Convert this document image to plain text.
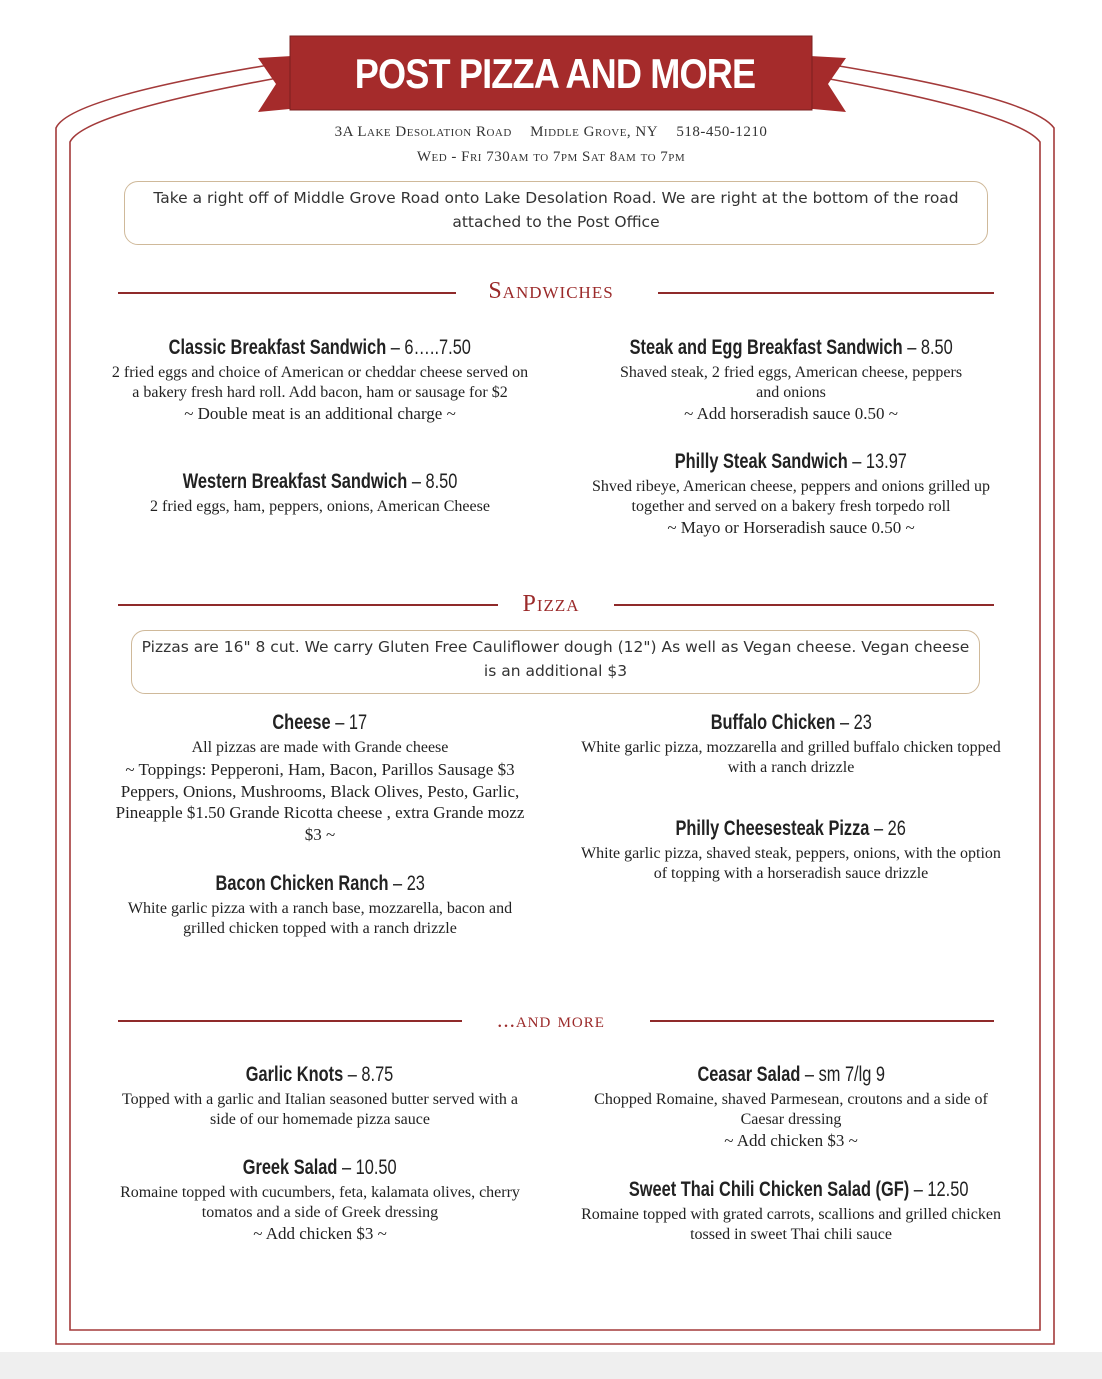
POST PIZZA AND MORE
3A Lake Desolation Road Middle Grove, NY 518-450-1210
Wed - Fri 730am to 7pm Sat 8am to 7pm
Take a right off of Middle Grove Road onto Lake Desolation Road. We are right at the bottom of the road attached to the Post Office
Sandwiches
Classic Breakfast Sandwich – 6…..7.50
2 fried eggs and choice of American or cheddar cheese served on a bakery fresh hard roll. Add bacon, ham or sausage for $2
~ Double meat is an additional charge ~
Steak and Egg Breakfast Sandwich – 8.50
Shaved steak, 2 fried eggs, American cheese, peppers and onions
~ Add horseradish sauce 0.50 ~
Western Breakfast Sandwich – 8.50
2 fried eggs, ham, peppers, onions, American Cheese
Philly Steak Sandwich – 13.97
Shved ribeye, American cheese, peppers and onions grilled up together and served on a bakery fresh torpedo roll
~ Mayo or Horseradish sauce 0.50 ~
Pizza
Pizzas are 16" 8 cut. We carry Gluten Free Cauliflower dough (12") As well as Vegan cheese. Vegan cheese is an additional $3
Cheese – 17
All pizzas are made with Grande cheese
~ Toppings: Pepperoni, Ham, Bacon, Parillos Sausage $3 Peppers, Onions, Mushrooms, Black Olives, Pesto, Garlic, Pineapple $1.50 Grande Ricotta cheese , extra Grande mozz $3 ~
Buffalo Chicken – 23
White garlic pizza, mozzarella and grilled buffalo chicken topped with a ranch drizzle
Bacon Chicken Ranch – 23
White garlic pizza with a ranch base, mozzarella, bacon and grilled chicken topped with a ranch drizzle
Philly Cheesesteak Pizza – 26
White garlic pizza, shaved steak, peppers, onions, with the option of topping with a horseradish sauce drizzle
...and more
Garlic Knots – 8.75
Topped with a garlic and Italian seasoned butter served with a side of our homemade pizza sauce
Ceasar Salad – sm 7/lg 9
Chopped Romaine, shaved Parmesean, croutons and a side of Caesar dressing
~ Add chicken $3 ~
Greek Salad – 10.50
Romaine topped with cucumbers, feta, kalamata olives, cherry tomatos and a side of Greek dressing
~ Add chicken $3 ~
Sweet Thai Chili Chicken Salad (GF) – 12.50
Romaine topped with grated carrots, scallions and grilled chicken tossed in sweet Thai chili sauce
